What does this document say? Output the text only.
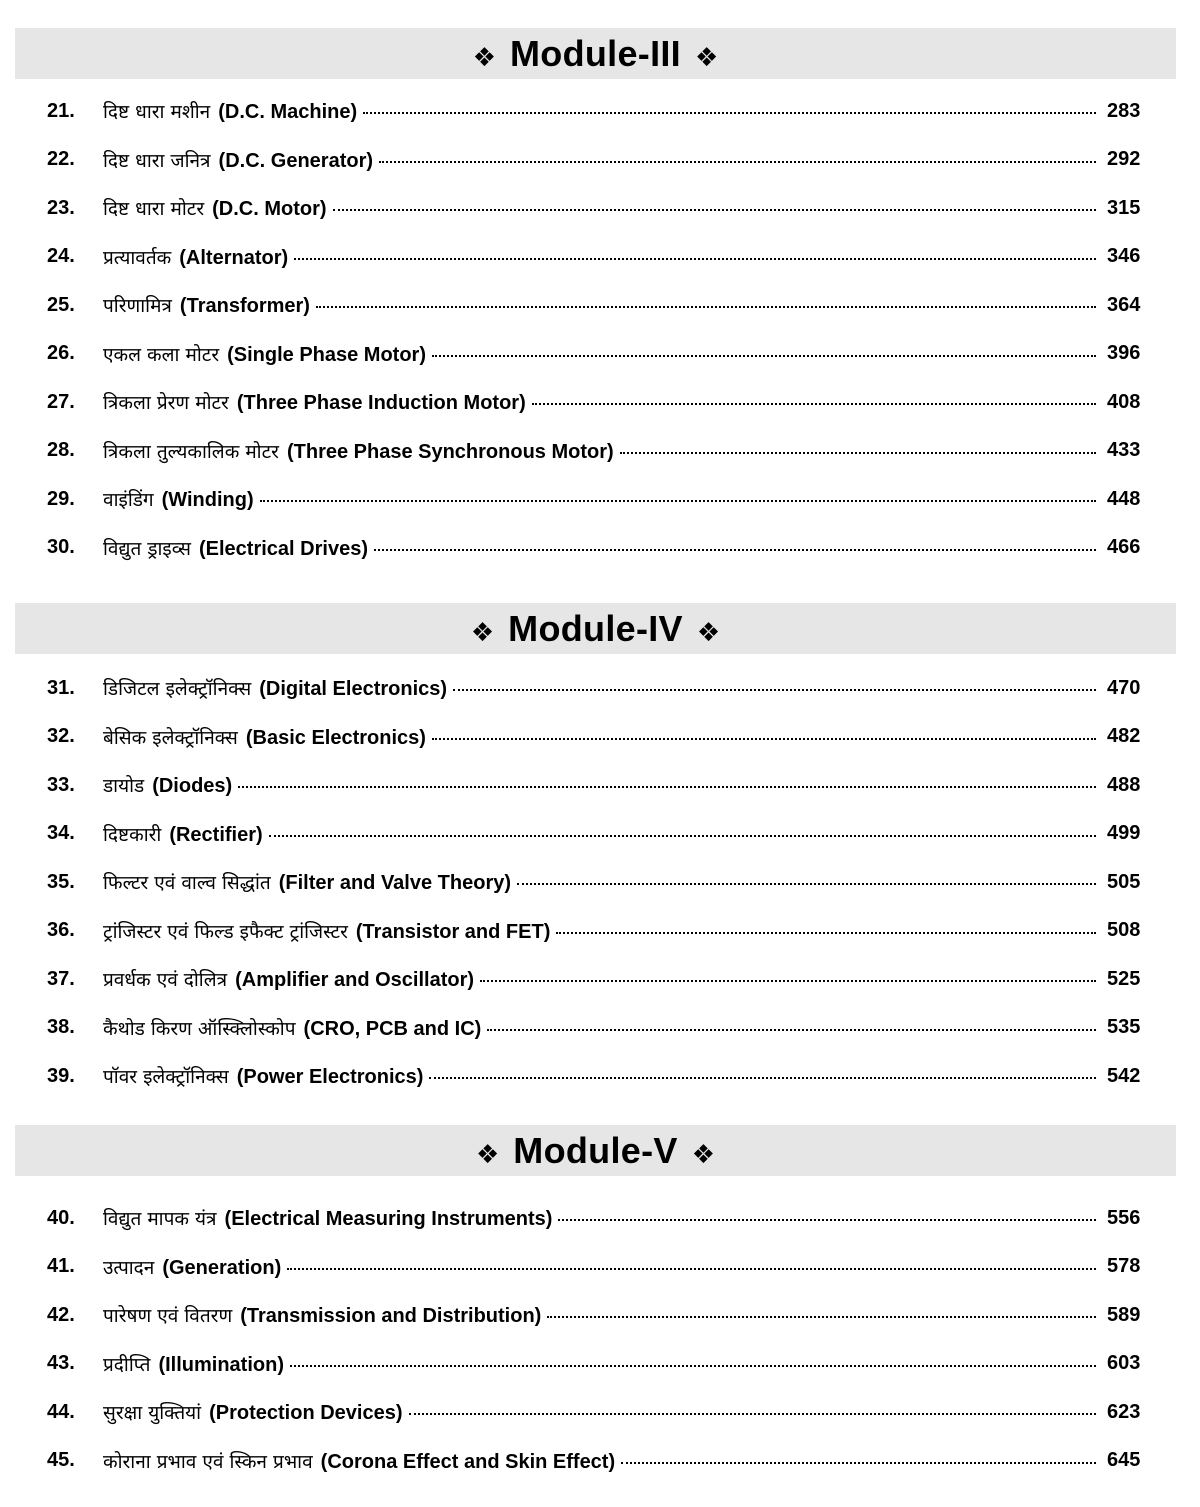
❖ Module-III ❖
21.	दिष्ट धारा मशीन (D.C. Machine)	283
22.	दिष्ट धारा जनित्र (D.C. Generator)	292
23.	दिष्ट धारा मोटर (D.C. Motor)	315
24.	प्रत्यावर्तक (Alternator)	346
25.	परिणामित्र (Transformer)	364
26.	एकल कला मोटर (Single Phase Motor)	396
27.	त्रिकला प्रेरण मोटर (Three Phase Induction Motor)	408
28.	त्रिकला तुल्यकालिक मोटर (Three Phase Synchronous Motor)	433
29.	वाइंडिंग (Winding)	448
30.	विद्युत ड्राइव्स (Electrical Drives)	466
❖ Module-IV ❖
31.	डिजिटल इलेक्ट्रॉनिक्स (Digital Electronics)	470
32.	बेसिक इलेक्ट्रॉनिक्स (Basic Electronics)	482
33.	डायोड (Diodes)	488
34.	दिष्टकारी (Rectifier)	499
35.	फिल्टर एवं वाल्व सिद्धांत (Filter and Valve Theory)	505
36.	ट्रांजिस्टर एवं फिल्ड इफैक्ट ट्रांजिस्टर (Transistor and FET)	508
37.	प्रवर्धक एवं दोलित्र (Amplifier and Oscillator)	525
38.	कैथोड किरण ऑस्क्लिोस्कोप (CRO, PCB and IC)	535
39.	पॉवर इलेक्ट्रॉनिक्स (Power Electronics)	542
❖ Module-V ❖
40.	विद्युत मापक यंत्र (Electrical Measuring Instruments)	556
41.	उत्पादन (Generation)	578
42.	पारेषण एवं वितरण (Transmission and Distribution)	589
43.	प्रदीप्ति (Illumination)	603
44.	सुरक्षा युक्तियां (Protection Devices)	623
45.	कोराना प्रभाव एवं स्किन प्रभाव (Corona Effect and Skin Effect)	645
